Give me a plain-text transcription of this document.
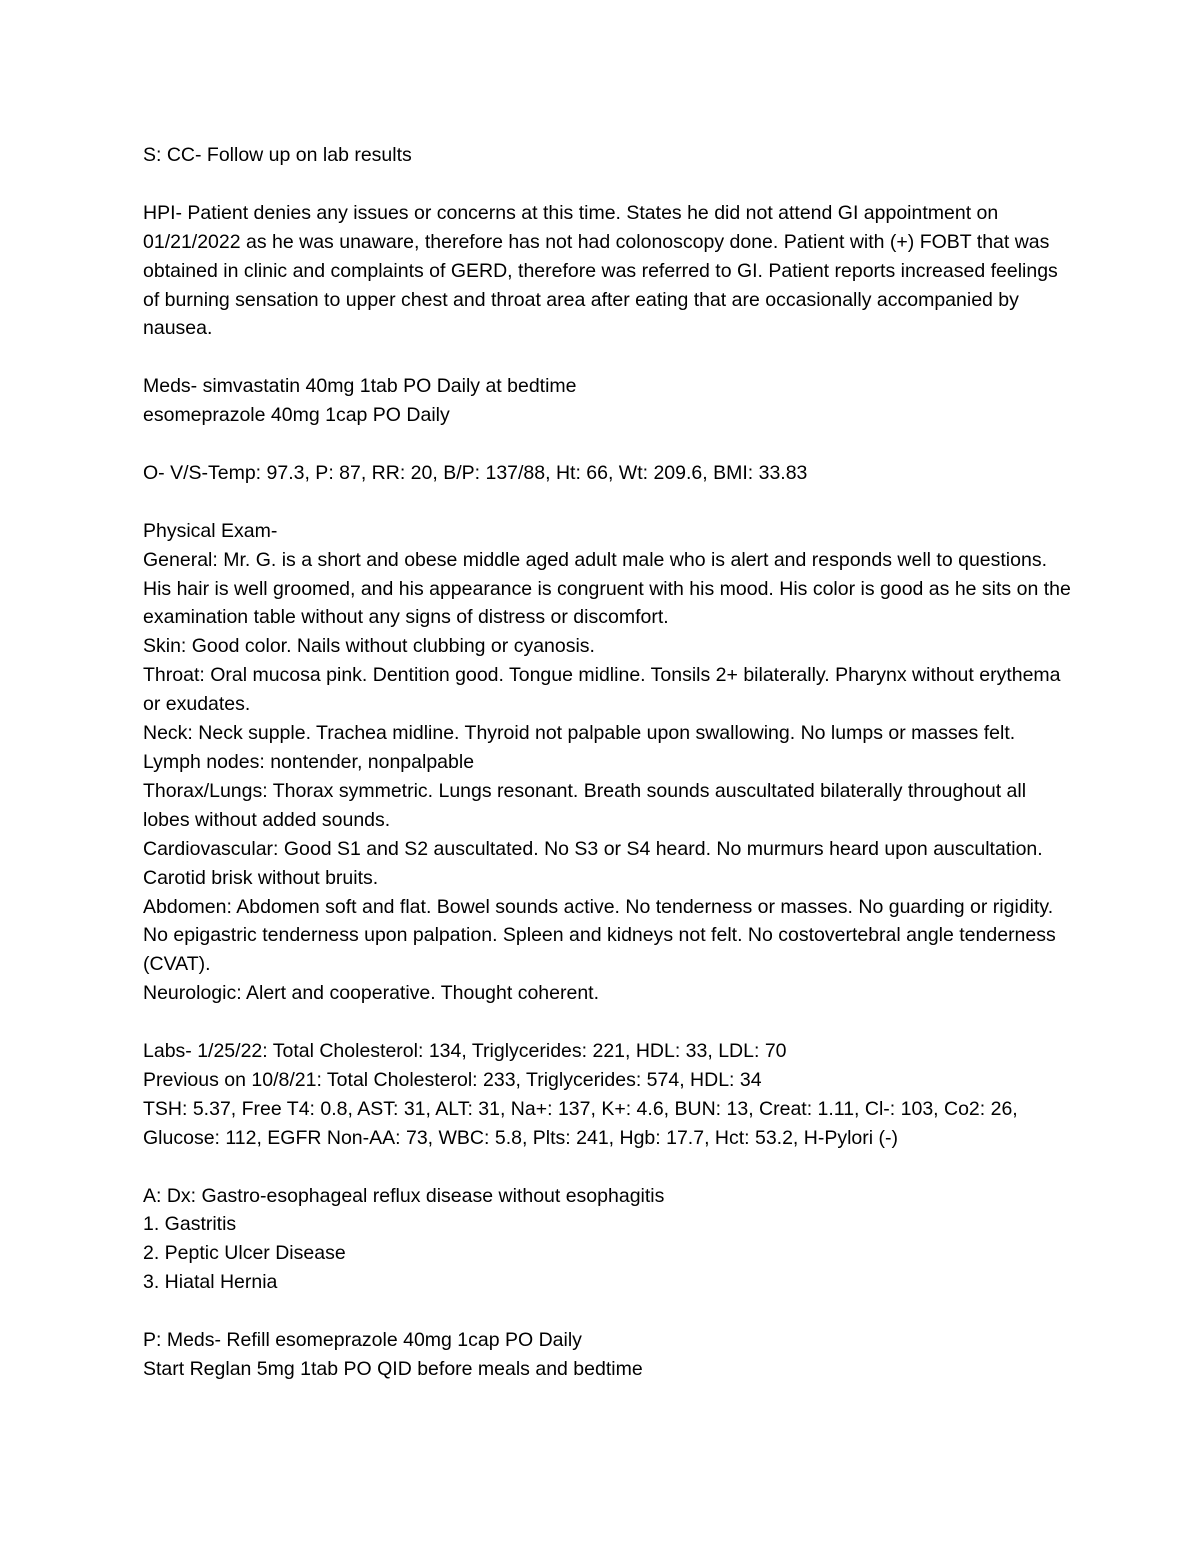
S: CC- Follow up on lab results
HPI- Patient denies any issues or concerns at this time. States he did not attend GI appointment on 01/21/2022 as he was unaware, therefore has not had colonoscopy done. Patient with (+) FOBT that was obtained in clinic and complaints of GERD, therefore was referred to GI. Patient reports increased feelings of burning sensation to upper chest and throat area after eating that are occasionally accompanied by nausea.
Meds- simvastatin 40mg 1tab PO Daily at bedtime
esomeprazole 40mg 1cap PO Daily
O- V/S-Temp: 97.3, P: 87, RR: 20, B/P: 137/88, Ht: 66, Wt: 209.6, BMI: 33.83
Physical Exam-
General: Mr. G. is a short and obese middle aged adult male who is alert and responds well to questions. His hair is well groomed, and his appearance is congruent with his mood. His color is good as he sits on the examination table without any signs of distress or discomfort.
Skin: Good color. Nails without clubbing or cyanosis.
Throat: Oral mucosa pink. Dentition good. Tongue midline. Tonsils 2+ bilaterally. Pharynx without erythema or exudates.
Neck: Neck supple. Trachea midline. Thyroid not palpable upon swallowing. No lumps or masses felt.
Lymph nodes: nontender, nonpalpable
Thorax/Lungs: Thorax symmetric. Lungs resonant. Breath sounds auscultated bilaterally throughout all lobes without added sounds.
Cardiovascular: Good S1 and S2 auscultated. No S3 or S4 heard. No murmurs heard upon auscultation. Carotid brisk without bruits.
Abdomen: Abdomen soft and flat. Bowel sounds active. No tenderness or masses. No guarding or rigidity. No epigastric tenderness upon palpation. Spleen and kidneys not felt. No costovertebral angle tenderness (CVAT).
Neurologic: Alert and cooperative. Thought coherent.
Labs- 1/25/22: Total Cholesterol: 134, Triglycerides: 221, HDL: 33, LDL: 70
Previous on 10/8/21: Total Cholesterol: 233, Triglycerides: 574, HDL: 34
TSH: 5.37, Free T4: 0.8, AST: 31, ALT: 31, Na+: 137, K+: 4.6, BUN: 13, Creat: 1.11, Cl-: 103, Co2: 26, Glucose: 112, EGFR Non-AA: 73, WBC: 5.8, Plts: 241, Hgb: 17.7, Hct: 53.2, H-Pylori (-)
A: Dx: Gastro-esophageal reflux disease without esophagitis
1. Gastritis
2. Peptic Ulcer Disease
3. Hiatal Hernia
P: Meds- Refill esomeprazole 40mg 1cap PO Daily
Start Reglan 5mg 1tab PO QID before meals and bedtime
